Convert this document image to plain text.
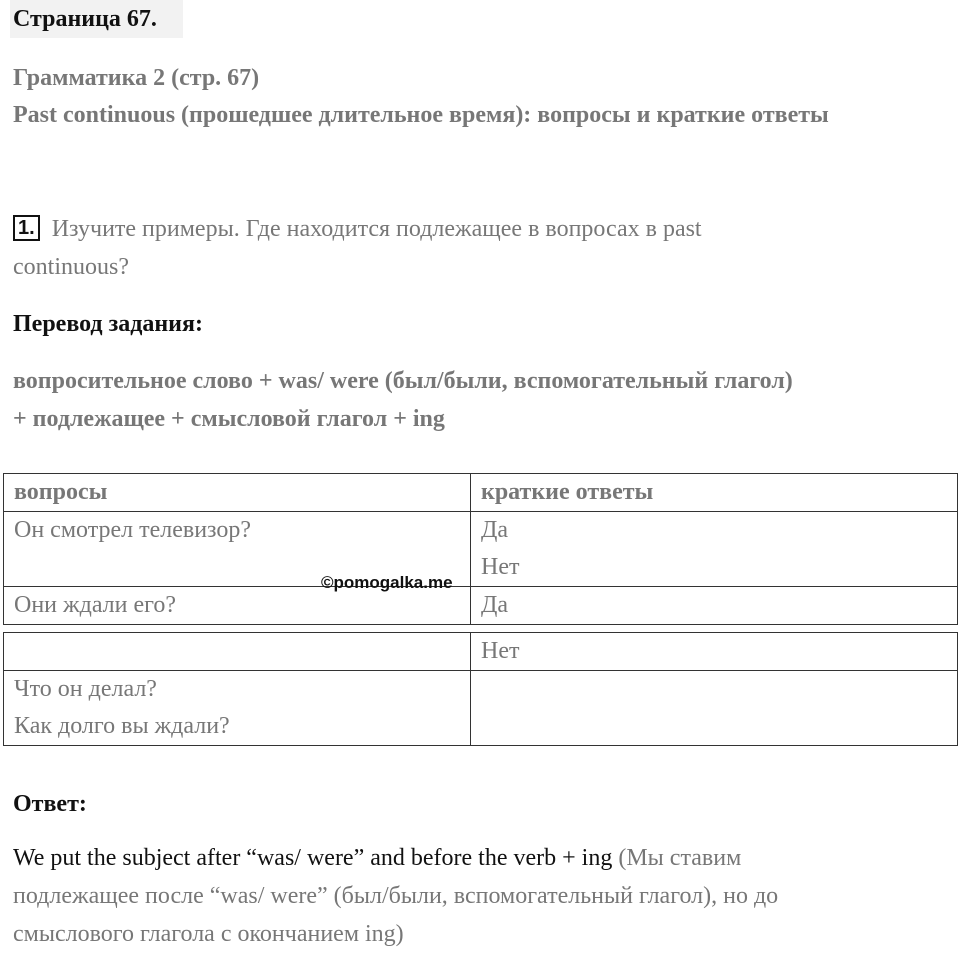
Страница 67.
Грамматика 2 (стр. 67)
Past continuous (прошедшее длительное время): вопросы и краткие ответы
1. Изучите примеры. Где находится подлежащее в вопросах в past
continuous?
Перевод задания:
вопросительное слово + was/ were (был/были, вспомогательный глагол)
+ подлежащее + смысловой глагол + ing
вопросы	краткие ответы
Он смотрел телевизор?	Да
Нет

Они ждали его?	Да
©pomogalka.me
	Нет

Что он делал?
Как долго вы ждали?	

Ответ:
We put the subject after “was/ were” and before the verb + ing (Мы ставим
подлежащее после “was/ were” (был/были, вспомогательный глагол), но до
смыслового глагола с окончанием ing)
